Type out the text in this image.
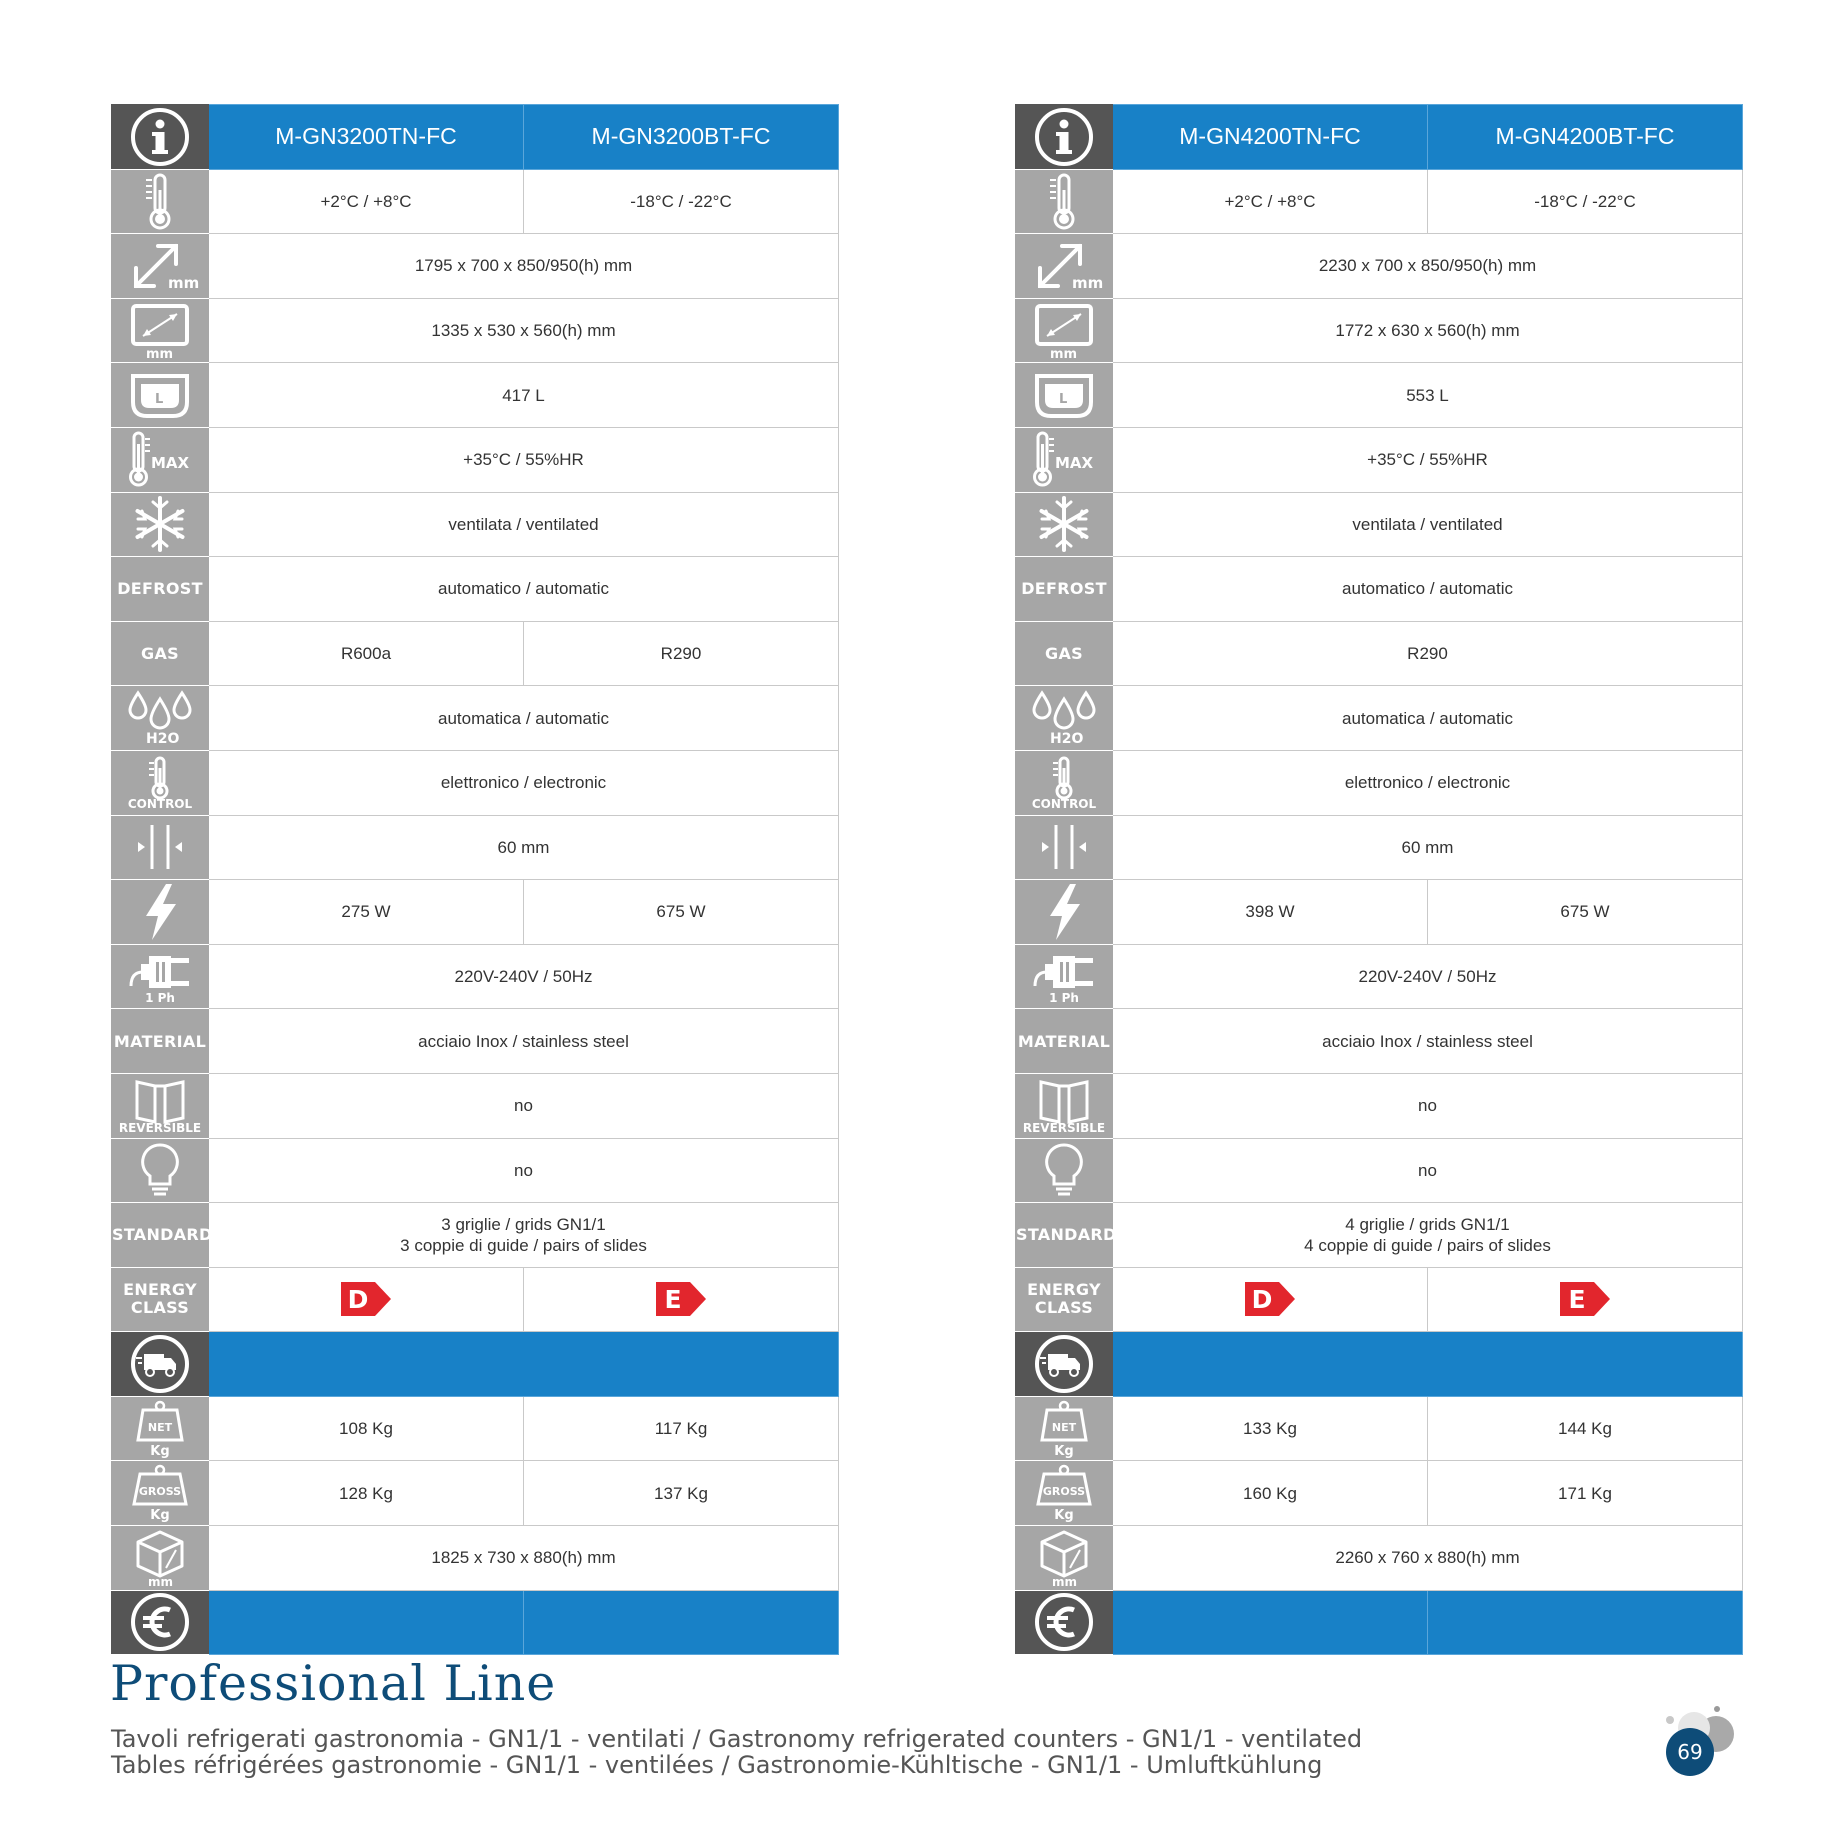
	M-GN3200TN-FC	M-GN3200BT-FC

	+2°C / +8°C	-18°C / -22°C

mm	1795 x 700 x 850/950(h) mm	

mm	1335 x 530 x 560(h) mm	

L	417 L	

MAX	+35°C / 55%HR	

	ventilata / ventilated	
DEFROST	automatico / automatic	
GAS	R600a	R290

H2O	automatica / automatic	

CONTROL	elettronico / electronic	

	60 mm	

	275 W	675 W

1 Ph	220V-240V / 50Hz	
MATERIAL	acciaio Inox / stainless steel	

REVERSIBLE	no	

	no	
STANDARD	3 griglie / grids GN1/1
3 coppie di guide / pairs of slides	

ENERGY
CLASS	D	E

NET
Kg	108 Kg	117 Kg

GROSS
Kg	128 Kg	137 Kg

mm	1825 x 730 x 880(h) mm	

	M-GN4200TN-FC	M-GN4200BT-FC

	+2°C / +8°C	-18°C / -22°C

mm	2230 x 700 x 850/950(h) mm	

mm	1772 x 630 x 560(h) mm	

L	553 L	

MAX	+35°C / 55%HR	

	ventilata / ventilated	
DEFROST	automatico / automatic	
GAS	R290	

H2O	automatica / automatic	

CONTROL	elettronico / electronic	

	60 mm	

	398 W	675 W

1 Ph	220V-240V / 50Hz	
MATERIAL	acciaio Inox / stainless steel	

REVERSIBLE	no	

	no	
STANDARD	4 griglie / grids GN1/1
4 coppie di guide / pairs of slides	

ENERGY
CLASS	D	E

NET
Kg	133 Kg	144 Kg

GROSS
Kg	160 Kg	171 Kg

mm	2260 x 760 x 880(h) mm	

Professional Line
Tavoli refrigerati gastronomia - GN1/1 - ventilati / Gastronomy refrigerated counters - GN1/1 - ventilated
Tables réfrigérées gastronomie - GN1/1 - ventilées / Gastronomie-Kühltische - GN1/1 - Umluftkühlung	69
